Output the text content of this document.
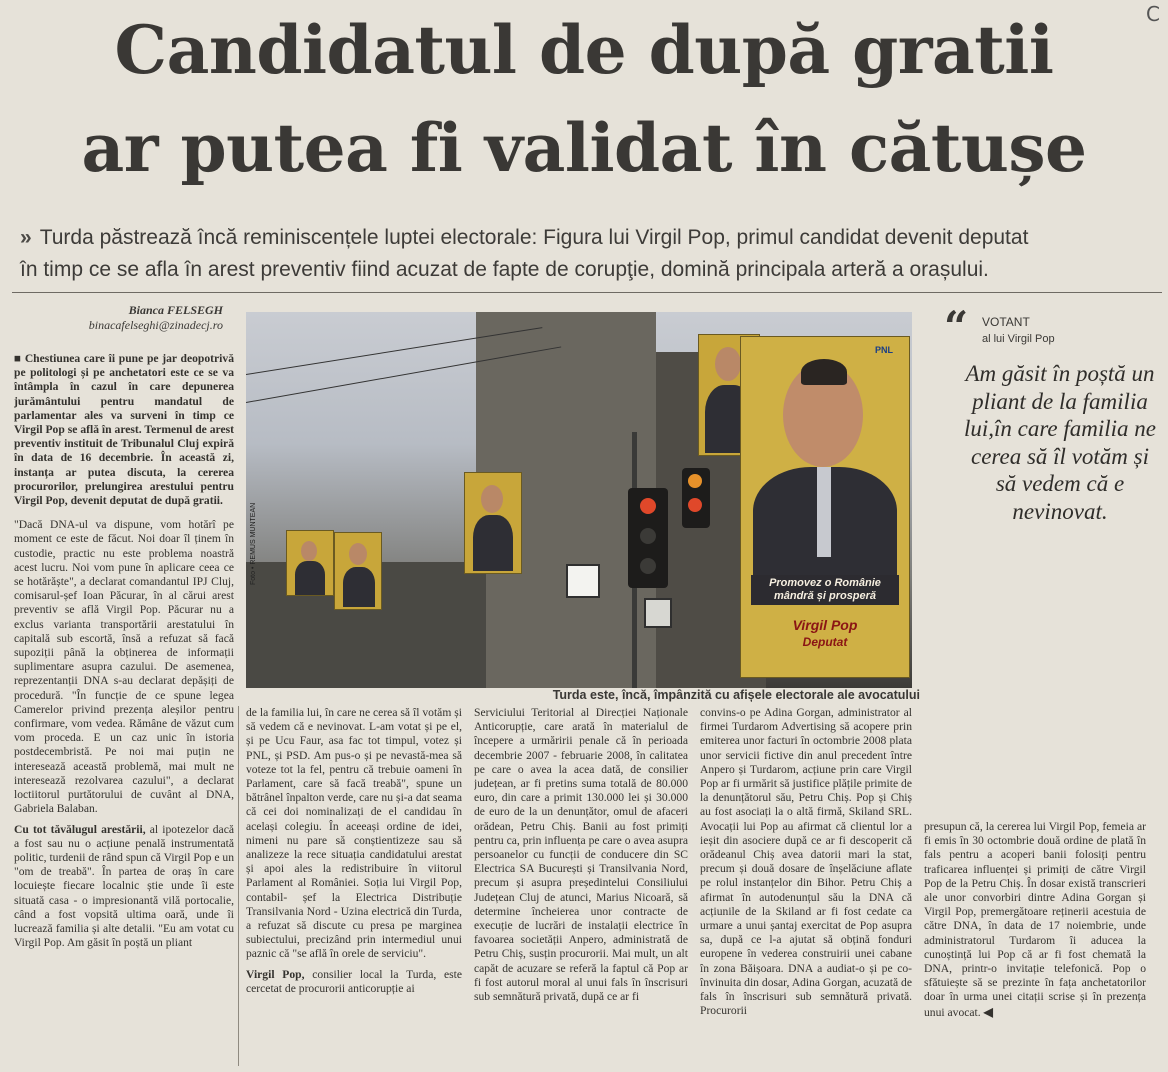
C
Candidatul de după gratii
ar putea fi validat în cătușe
» Turda păstrează încă reminiscențele luptei electorale: Figura lui Virgil Pop, primul candidat devenit deputat
în timp ce se afla în arest preventiv fiind acuzat de fapte de corupţie, domină principala arteră a orașului.
Bianca FELSEGH
binacafelseghi@zinadecj.ro

■ Chestiunea care îi pune pe jar deopotrivă pe politologi și pe anchetatori este ce se va întâmpla în cazul în care depunerea jurământului pentru mandatul de parlamentar ales va surveni în timp ce Virgil Pop se află în arest. Termenul de arest preventiv instituit de Tribunalul Cluj expiră în data de 16 decembrie. În această zi, instanța ar putea discuta, la cererea procurorilor, prelungirea arestului pentru Virgil Pop, devenit deputat de după gratii.

"Dacă DNA-ul va dispune, vom hotărî pe moment ce este de făcut. Noi doar îl ținem în custodie, practic nu este problema noastră acest lucru. Noi vom pune în aplicare ceea ce se hotărăște", a declarat comandantul IPJ Cluj, comisarul-șef Ioan Păcurar, în al cărui arest preventiv se află Virgil Pop. Păcurar nu a exclus varianta transportării arestatului în capitală sub escortă, însă a refuzat să facă supoziții până la obținerea de informații suplimentare asupra cazului. De asemenea, reprezentanții DNA s-au declarat depășiți de procedură. "În funcție de ce spune legea Camerelor privind prezența aleșilor pentru confirmare, vom vedea. Rămâne de văzut cum vom proceda. E un caz unic în istoria postdecembristă. Pe noi mai puțin ne interesează această problemă, mai mult ne interesează rezolvarea cazului", a declarat loctiitorul purtătorului de cuvânt al DNA, Gabriela Balaban.

Cu tot tăvălugul arestării, al ipotezelor dacă a fost sau nu o acțiune penală instrumentată politic, turdenii de rând spun că Virgil Pop e un "om de treabă". În partea de oraș în care locuiește fiecare localnic știe unde îi este situată casa - o impresionantă vilă portocalie, când a fost vopsită ultima oară, unde îi lucrează familia și alte detalii. "Eu am votat cu Virgil Pop. Am găsit în poștă un pliant

Promovez o Românie
mândră și prosperă
Virgil Pop
Deputat
PNL
Foto • REMUS MUNTEAN
Turda este, încă, împânzită cu afișele electorale ale avocatului
“ VOTANT
al lui Virgil Pop
Am găsit în poștă un pliant de la familia lui,în care familia ne cerea să îl votăm și să vedem că e nevinovat.

de la familia lui, în care ne cerea să îl votăm și să vedem că e nevinovat. L-am votat și pe el, și pe Ucu Faur, asa fac tot timpul, votez și PNL, și PSD. Am pus-o și pe nevastă-mea să voteze tot la fel, pentru că trebuie oameni în Parlament, care să facă treabă", spune un bătrânel înpalton verde, care nu și-a dat seama că cei doi nominalizați de el candidau în același colegiu. În aceeași ordine de idei, nimeni nu pare să conștientizeze sau să analizeze la rece situația candidatului arestat și apoi ales la redistribuire în viitorul Parlament al României. Soția lui Virgil Pop, contabil- șef la Electrica Distribuție Transilvania Nord - Uzina electrică din Turda, a refuzat să discute cu presa pe marginea subiectului, precizând prin intermediul unui paznic că "se află în orele de serviciu".

Virgil Pop, consilier local la Turda, este cercetat de procurorii anticorupție ai

Serviciului Teritorial al Direcției Naționale Anticorupție, care arată în materialul de începere a urmăririi penale că în perioada decembrie 2007 - februarie 2008, în calitatea pe care o avea la acea dată, de consilier județean, ar fi pretins suma totală de 80.000 euro, din care a primit 130.000 lei și 30.000 de euro de la un denunțător, omul de afaceri orădean, Petru Chiș. Banii au fost primiți pentru ca, prin influența pe care o avea asupra persoanelor cu funcții de conducere din SC Electrica SA București și Transilvania Nord, precum și asupra președintelui Consiliului Județean Cluj de atunci, Marius Nicoară, să determine încheierea unor contracte de execuție de lucrări de instalații electrice în favoarea societății Anpero, administrată de Petru Chiș, susțin procurorii. Mai mult, un alt capăt de acuzare se referă la faptul că Pop ar fi fost autorul moral al unui fals în înscrisuri sub semnătură privată, după ce ar fi

convins-o pe Adina Gorgan, administrator al firmei Turdarom Advertising să acopere prin emiterea unor facturi în octombrie 2008 plata unor servicii fictive din anul precedent între Anpero și Turdarom, acțiune prin care Virgil Pop ar fi urmărit să justifice plățile primite de la denunțătorul său, Petru Chiș. Pop și Chiș au fost asociați la o altă firmă, Skiland SRL. Avocații lui Pop au afirmat că clientul lor a ieșit din asociere după ce ar fi descoperit că orădeanul Chiș avea datorii mari la stat, precum și două dosare de înșelăciune aflate pe rolul instanțelor din Bihor. Petru Chiș a afirmat în autodenunțul său la DNA că acțiunile de la Skiland ar fi fost cedate ca urmare a unui șantaj exercitat de Pop asupra sa, după ce l-a ajutat să obțină fonduri europene în vederea construirii unei cabane în zona Băișoara. DNA a audiat-o și pe co-învinuita din dosar, Adina Gorgan, acuzată de fals în înscrisuri sub semnătură privată. Procurorii

presupun că, la cererea lui Virgil Pop, femeia ar fi emis în 30 octombrie două ordine de plată în fals pentru a acoperi banii folosiți pentru traficarea influenței și primiți de către Virgil Pop de la Petru Chiș. În dosar există transcrieri ale unor convorbiri dintre Adina Gorgan și Virgil Pop, premergătoare reținerii acestuia de către DNA, în data de 17 noiembrie, unde administratorul Turdarom îi aducea la cunoștință lui Pop că ar fi fost chemată la DNA, printr-o invitație telefonică. Pop o sfătuiește să se prezinte în fața anchetatorilor doar în urma unei citații scrise și în prezența unui avocat. ◀
